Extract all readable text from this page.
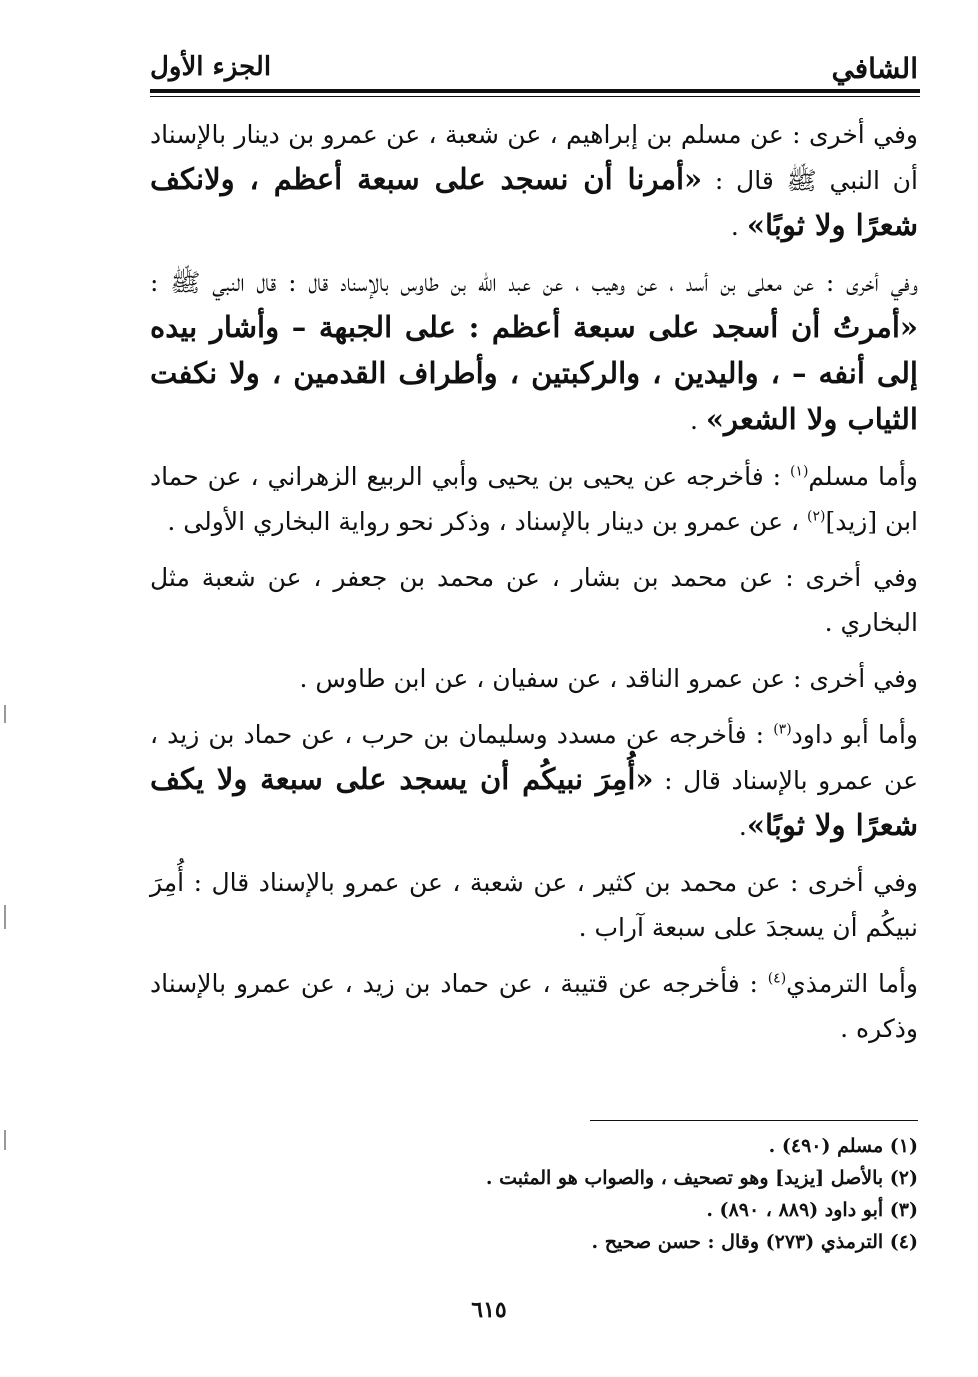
الشافي
الجزء الأول

وفي أخرى : عن مسلم بن إبراهيم ، عن شعبة ، عن عمرو بن دينار بالإسناد أن النبي ﷺ قال : «أمرنا أن نسجد على سبعة أعظم ، ولانكف شعرًا ولا ثوبًا» .

وفي أخرى : عن معلى بن أسد ، عن وهيب ، عن عبد الله بن طاوس بالإسناد قال : قال النبي ﷺ : «أمرتُ أن أسجد على سبعة أعظم : على الجبهة – وأشار بيده إلى أنفه – ، واليدين ، والركبتين ، وأطراف القدمين ، ولا نكفت الثياب ولا الشعر» .

وأما مسلم$^{(١)}$ : فأخرجه عن يحيى بن يحيى وأبي الربيع الزهراني ، عن حماد ابن [زيد]$^{(٢)}$ ، عن عمرو بن دينار بالإسناد ، وذكر نحو رواية البخاري الأولى .

وفي أخرى : عن محمد بن بشار ، عن محمد بن جعفر ، عن شعبة مثل البخاري .

وفي أخرى : عن عمرو الناقد ، عن سفيان ، عن ابن طاوس .

وأما أبو داود$^{(٣)}$ : فأخرجه عن مسدد وسليمان بن حرب ، عن حماد بن زيد ، عن عمرو بالإسناد قال : «أُمِرَ نبيكُم أن يسجد على سبعة ولا يكف شعرًا ولا ثوبًا».

وفي أخرى : عن محمد بن كثير ، عن شعبة ، عن عمرو بالإسناد قال : أُمِرَ نبيكُم أن يسجدَ على سبعة آراب .

وأما الترمذي$^{(٤)}$ : فأخرجه عن قتيبة ، عن حماد بن زيد ، عن عمرو بالإسناد وذكره .

(١) مسلم (٤٩٠) .
(٢) بالأصل [يزيد] وهو تصحيف ، والصواب هو المثبت .
(٣) أبو داود (٨٨٩ ، ٨٩٠) .
(٤) الترمذي (٢٧٣) وقال : حسن صحيح .
٦١٥
